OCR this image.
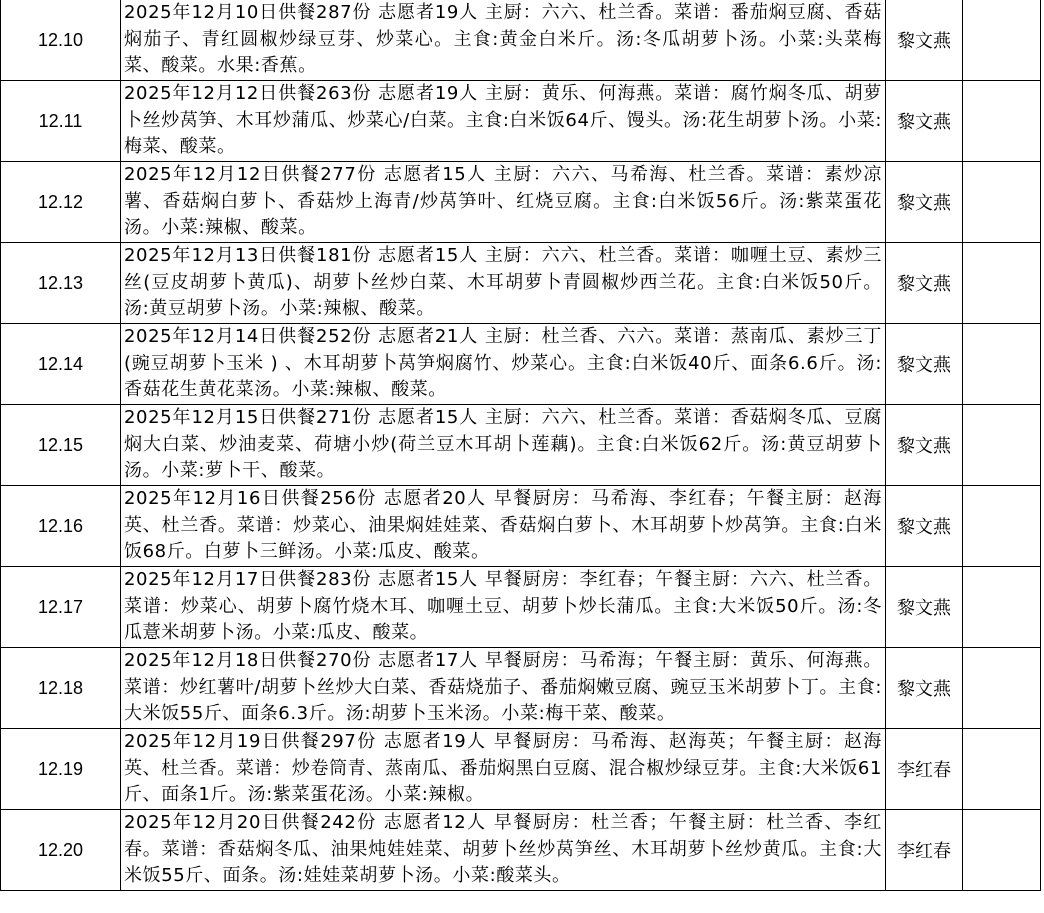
12.10	2025年12月10日供餐287份 志愿者19人 主厨：六六、杜兰香。菜谱：番茄焖豆腐、香菇焖茄子、青红圆椒炒绿豆芽、炒菜心。主食:黄金白米斤。汤:冬瓜胡萝卜汤。小菜:头菜梅菜、酸菜。水果:香蕉。	黎文燕	
12.11	2025年12月12日供餐263份 志愿者19人 主厨：黄乐、何海燕。菜谱：腐竹焖冬瓜、胡萝卜丝炒莴笋、木耳炒蒲瓜、炒菜心/白菜。主食:白米饭64斤、馒头。汤:花生胡萝卜汤。小菜:梅菜、酸菜。	黎文燕	
12.12	2025年12月12日供餐277份 志愿者15人 主厨：六六、马希海、杜兰香。菜谱：素炒凉薯、香菇焖白萝卜、香菇炒上海青/炒莴笋叶、红烧豆腐。主食:白米饭56斤。汤:紫菜蛋花汤。小菜:辣椒、酸菜。	黎文燕	
12.13	2025年12月13日供餐181份 志愿者15人 主厨：六六、杜兰香。菜谱：咖喱土豆、素炒三丝(豆皮胡萝卜黄瓜)、胡萝卜丝炒白菜、木耳胡萝卜青圆椒炒西兰花。主食:白米饭50斤。汤:黄豆胡萝卜汤。小菜:辣椒、酸菜。	黎文燕	
12.14	2025年12月14日供餐252份 志愿者21人 主厨：杜兰香、六六。菜谱：蒸南瓜、素炒三丁(豌豆胡萝卜玉米 ) 、木耳胡萝卜莴笋焖腐竹、炒菜心。主食:白米饭40斤、面条6.6斤。汤:香菇花生黄花菜汤。小菜:辣椒、酸菜。	黎文燕	
12.15	2025年12月15日供餐271份 志愿者15人 主厨：六六、杜兰香。菜谱：香菇焖冬瓜、豆腐焖大白菜、炒油麦菜、荷塘小炒(荷兰豆木耳胡卜莲藕)。主食:白米饭62斤。汤:黄豆胡萝卜汤。小菜:萝卜干、酸菜。	黎文燕	
12.16	2025年12月16日供餐256份 志愿者20人 早餐厨房：马希海、李红春；午餐主厨：赵海英、杜兰香。菜谱：炒菜心、油果焖娃娃菜、香菇焖白萝卜、木耳胡萝卜炒莴笋。主食:白米饭68斤。白萝卜三鲜汤。小菜:瓜皮、酸菜。	黎文燕	
12.17	2025年12月17日供餐283份 志愿者15人 早餐厨房：李红春；午餐主厨：六六、杜兰香。菜谱：炒菜心、胡萝卜腐竹烧木耳、咖喱土豆、胡萝卜炒长蒲瓜。主食:大米饭50斤。汤:冬瓜薏米胡萝卜汤。小菜:瓜皮、酸菜。	黎文燕	
12.18	2025年12月18日供餐270份 志愿者17人 早餐厨房：马希海；午餐主厨：黄乐、何海燕。菜谱：炒红薯叶/胡萝卜丝炒大白菜、香菇烧茄子、番茄焖嫩豆腐、豌豆玉米胡萝卜丁。主食:大米饭55斤、面条6.3斤。汤:胡萝卜玉米汤。小菜:梅干菜、酸菜。	黎文燕	
12.19	2025年12月19日供餐297份 志愿者19人 早餐厨房：马希海、赵海英；午餐主厨：赵海英、杜兰香。菜谱：炒卷筒青、蒸南瓜、番茄焖黑白豆腐、混合椒炒绿豆芽。主食:大米饭61斤、面条1斤。汤:紫菜蛋花汤。小菜:辣椒。	李红春	
12.20	2025年12月20日供餐242份 志愿者12人 早餐厨房：杜兰香；午餐主厨：杜兰香、李红春。菜谱：香菇焖冬瓜、油果炖娃娃菜、胡萝卜丝炒莴笋丝、木耳胡萝卜丝炒黄瓜。主食:大米饭55斤、面条。汤:娃娃菜胡萝卜汤。小菜:酸菜头。	李红春	
